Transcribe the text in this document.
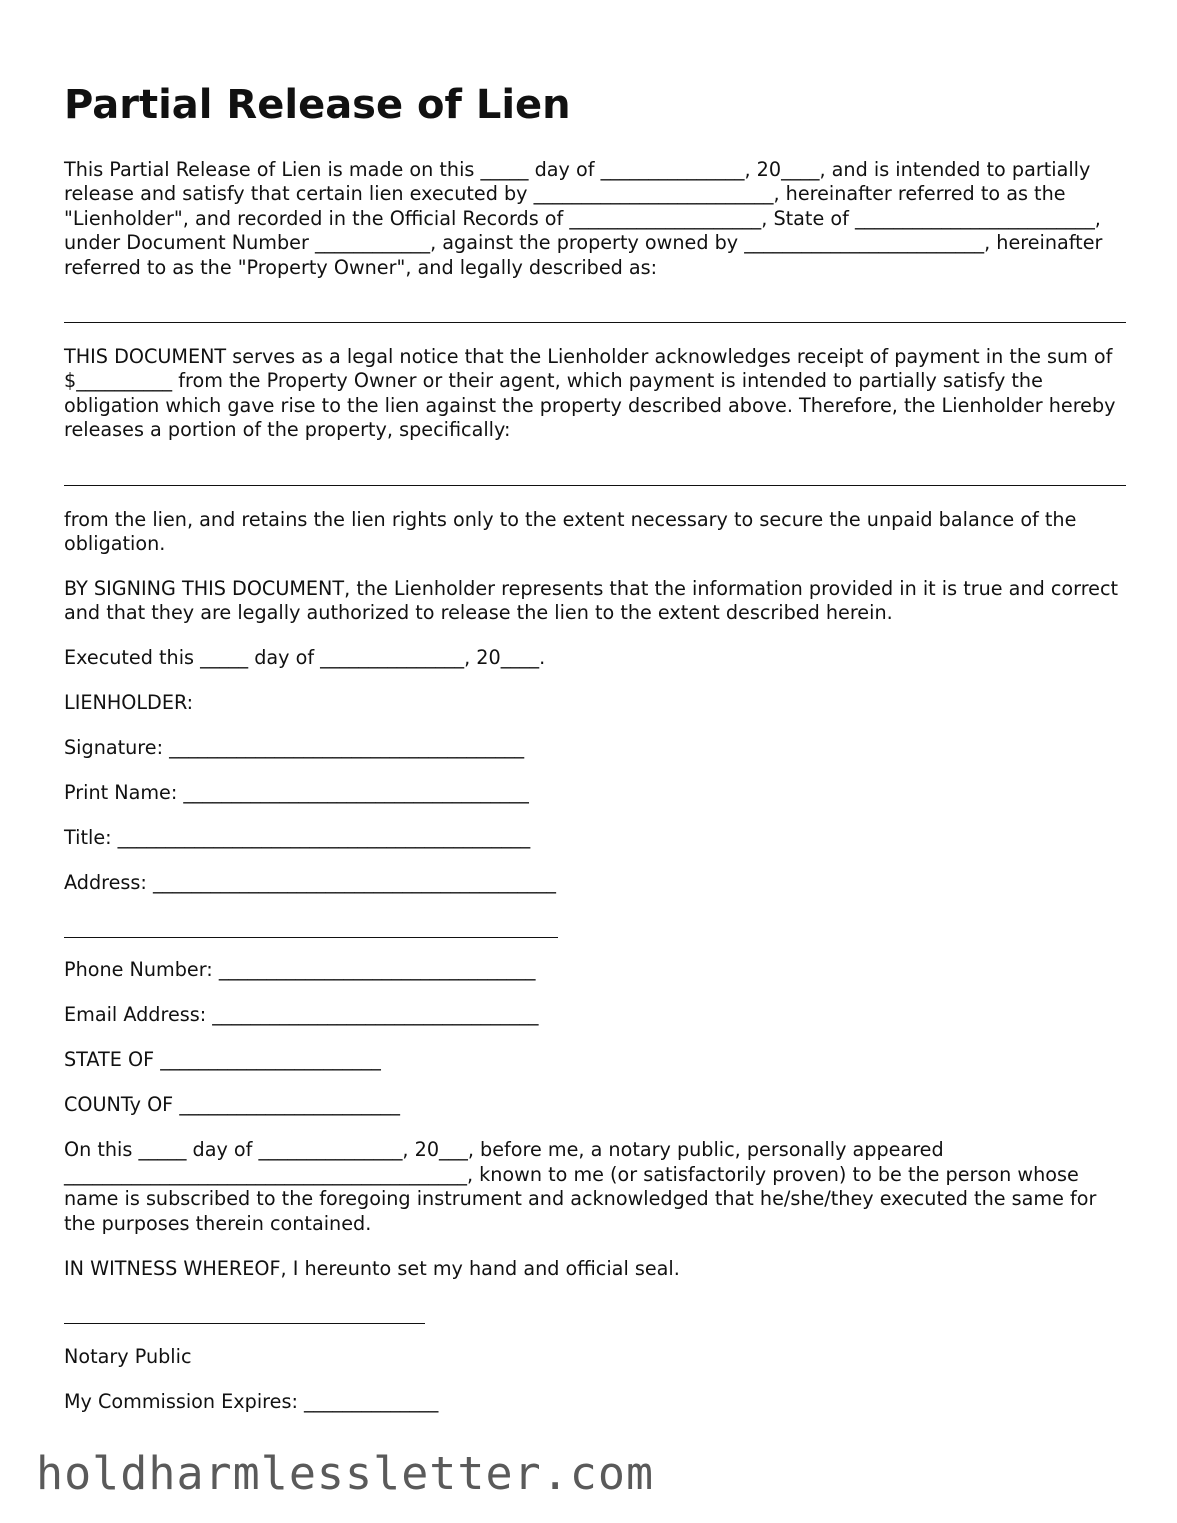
Partial Release of Lien

This Partial Release of Lien is made on this _____ day of _______________, 20____, and is intended to partially release and satisfy that certain lien executed by _________________________, hereinafter referred to as the "Lienholder", and recorded in the Official Records of ____________________, State of _________________________, under Document Number ____________, against the property owned by _________________________, hereinafter referred to as the "Property Owner", and legally described as:

THIS DOCUMENT serves as a legal notice that the Lienholder acknowledges receipt of payment in the sum of $__________ from the Property Owner or their agent, which payment is intended to partially satisfy the obligation which gave rise to the lien against the property described above. Therefore, the Lienholder hereby releases a portion of the property, specifically:

from the lien, and retains the lien rights only to the extent necessary to secure the unpaid balance of the obligation.

BY SIGNING THIS DOCUMENT, the Lienholder represents that the information provided in it is true and correct and that they are legally authorized to release the lien to the extent described herein.

Executed this _____ day of _______________, 20____.

LIENHOLDER:

Signature: _____________________________________

Print Name: ____________________________________

Title: ___________________________________________

Address: __________________________________________

Phone Number: _________________________________

Email Address: __________________________________

STATE OF _______________________

COUNTy OF _______________________

On this _____ day of _______________, 20___, before me, a notary public, personally appeared __________________________________________, known to me (or satisfactorily proven) to be the person whose name is subscribed to the foregoing instrument and acknowledged that he/she/they executed the same for the purposes therein contained.

IN WITNESS WHEREOF, I hereunto set my hand and official seal.

Notary Public

My Commission Expires: ______________

holdharmlessletter.com
